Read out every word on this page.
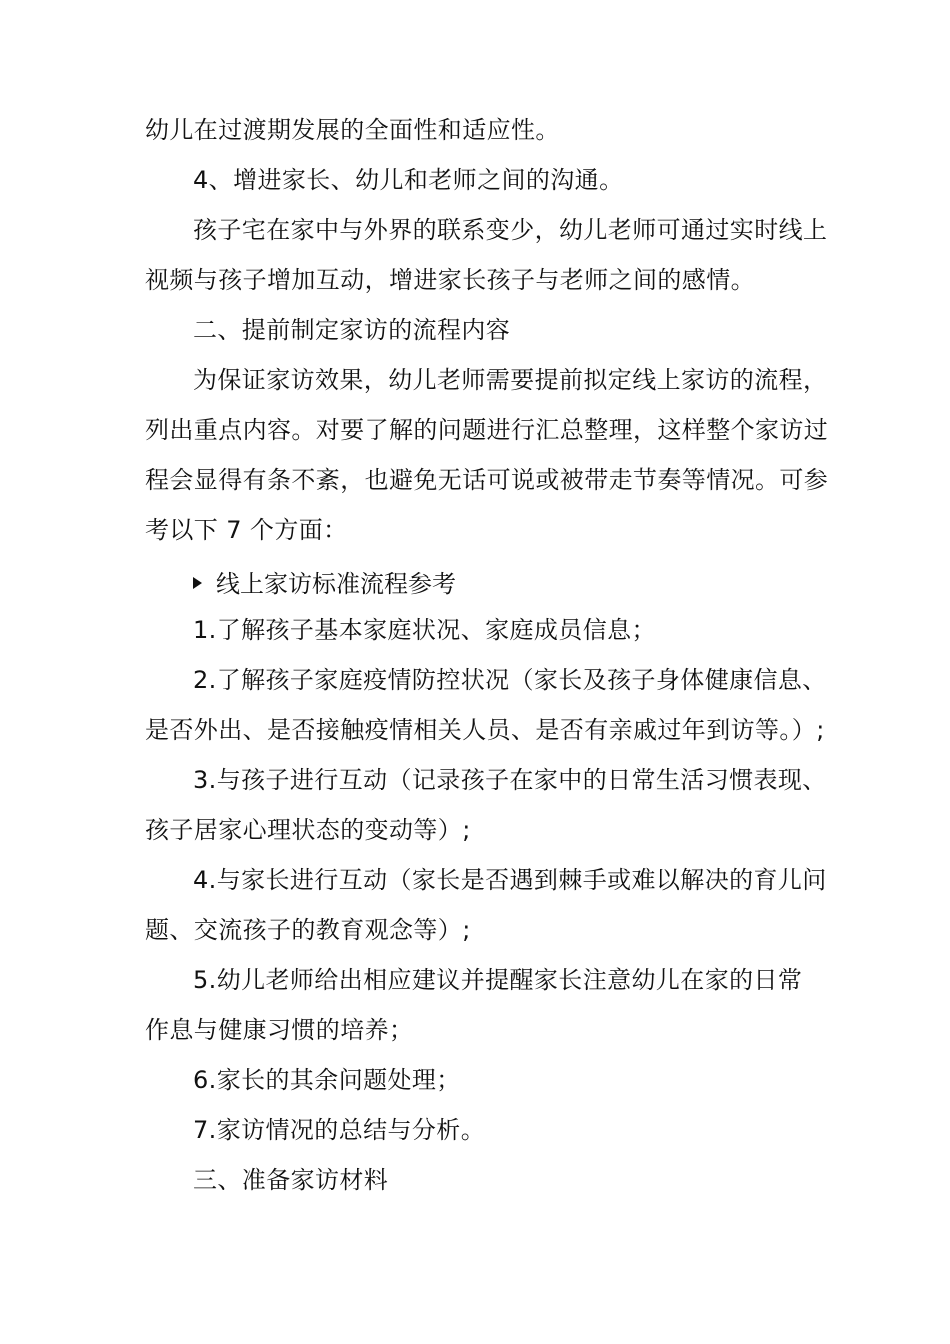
幼儿在过渡期发展的全面性和适应性。
4、增进家长、幼儿和老师之间的沟通。
孩子宅在家中与外界的联系变少，幼儿老师可通过实时线上
视频与孩子增加互动，增进家长孩子与老师之间的感情。
二、提前制定家访的流程内容
为保证家访效果，幼儿老师需要提前拟定线上家访的流程，
列出重点内容。对要了解的问题进行汇总整理，这样整个家访过
程会显得有条不紊，也避免无话可说或被带走节奏等情况。可参
考以下 7 个方面：
线上家访标准流程参考
1.了解孩子基本家庭状况、家庭成员信息；
2.了解孩子家庭疫情防控状况（家长及孩子身体健康信息、
是否外出、是否接触疫情相关人员、是否有亲戚过年到访等。）;
3.与孩子进行互动（记录孩子在家中的日常生活习惯表现、
孩子居家心理状态的变动等）;
4.与家长进行互动（家长是否遇到棘手或难以解决的育儿问
题、交流孩子的教育观念等）;
5.幼儿老师给出相应建议并提醒家长注意幼儿在家的日常
作息与健康习惯的培养；
6.家长的其余问题处理；
7.家访情况的总结与分析。
三、准备家访材料
